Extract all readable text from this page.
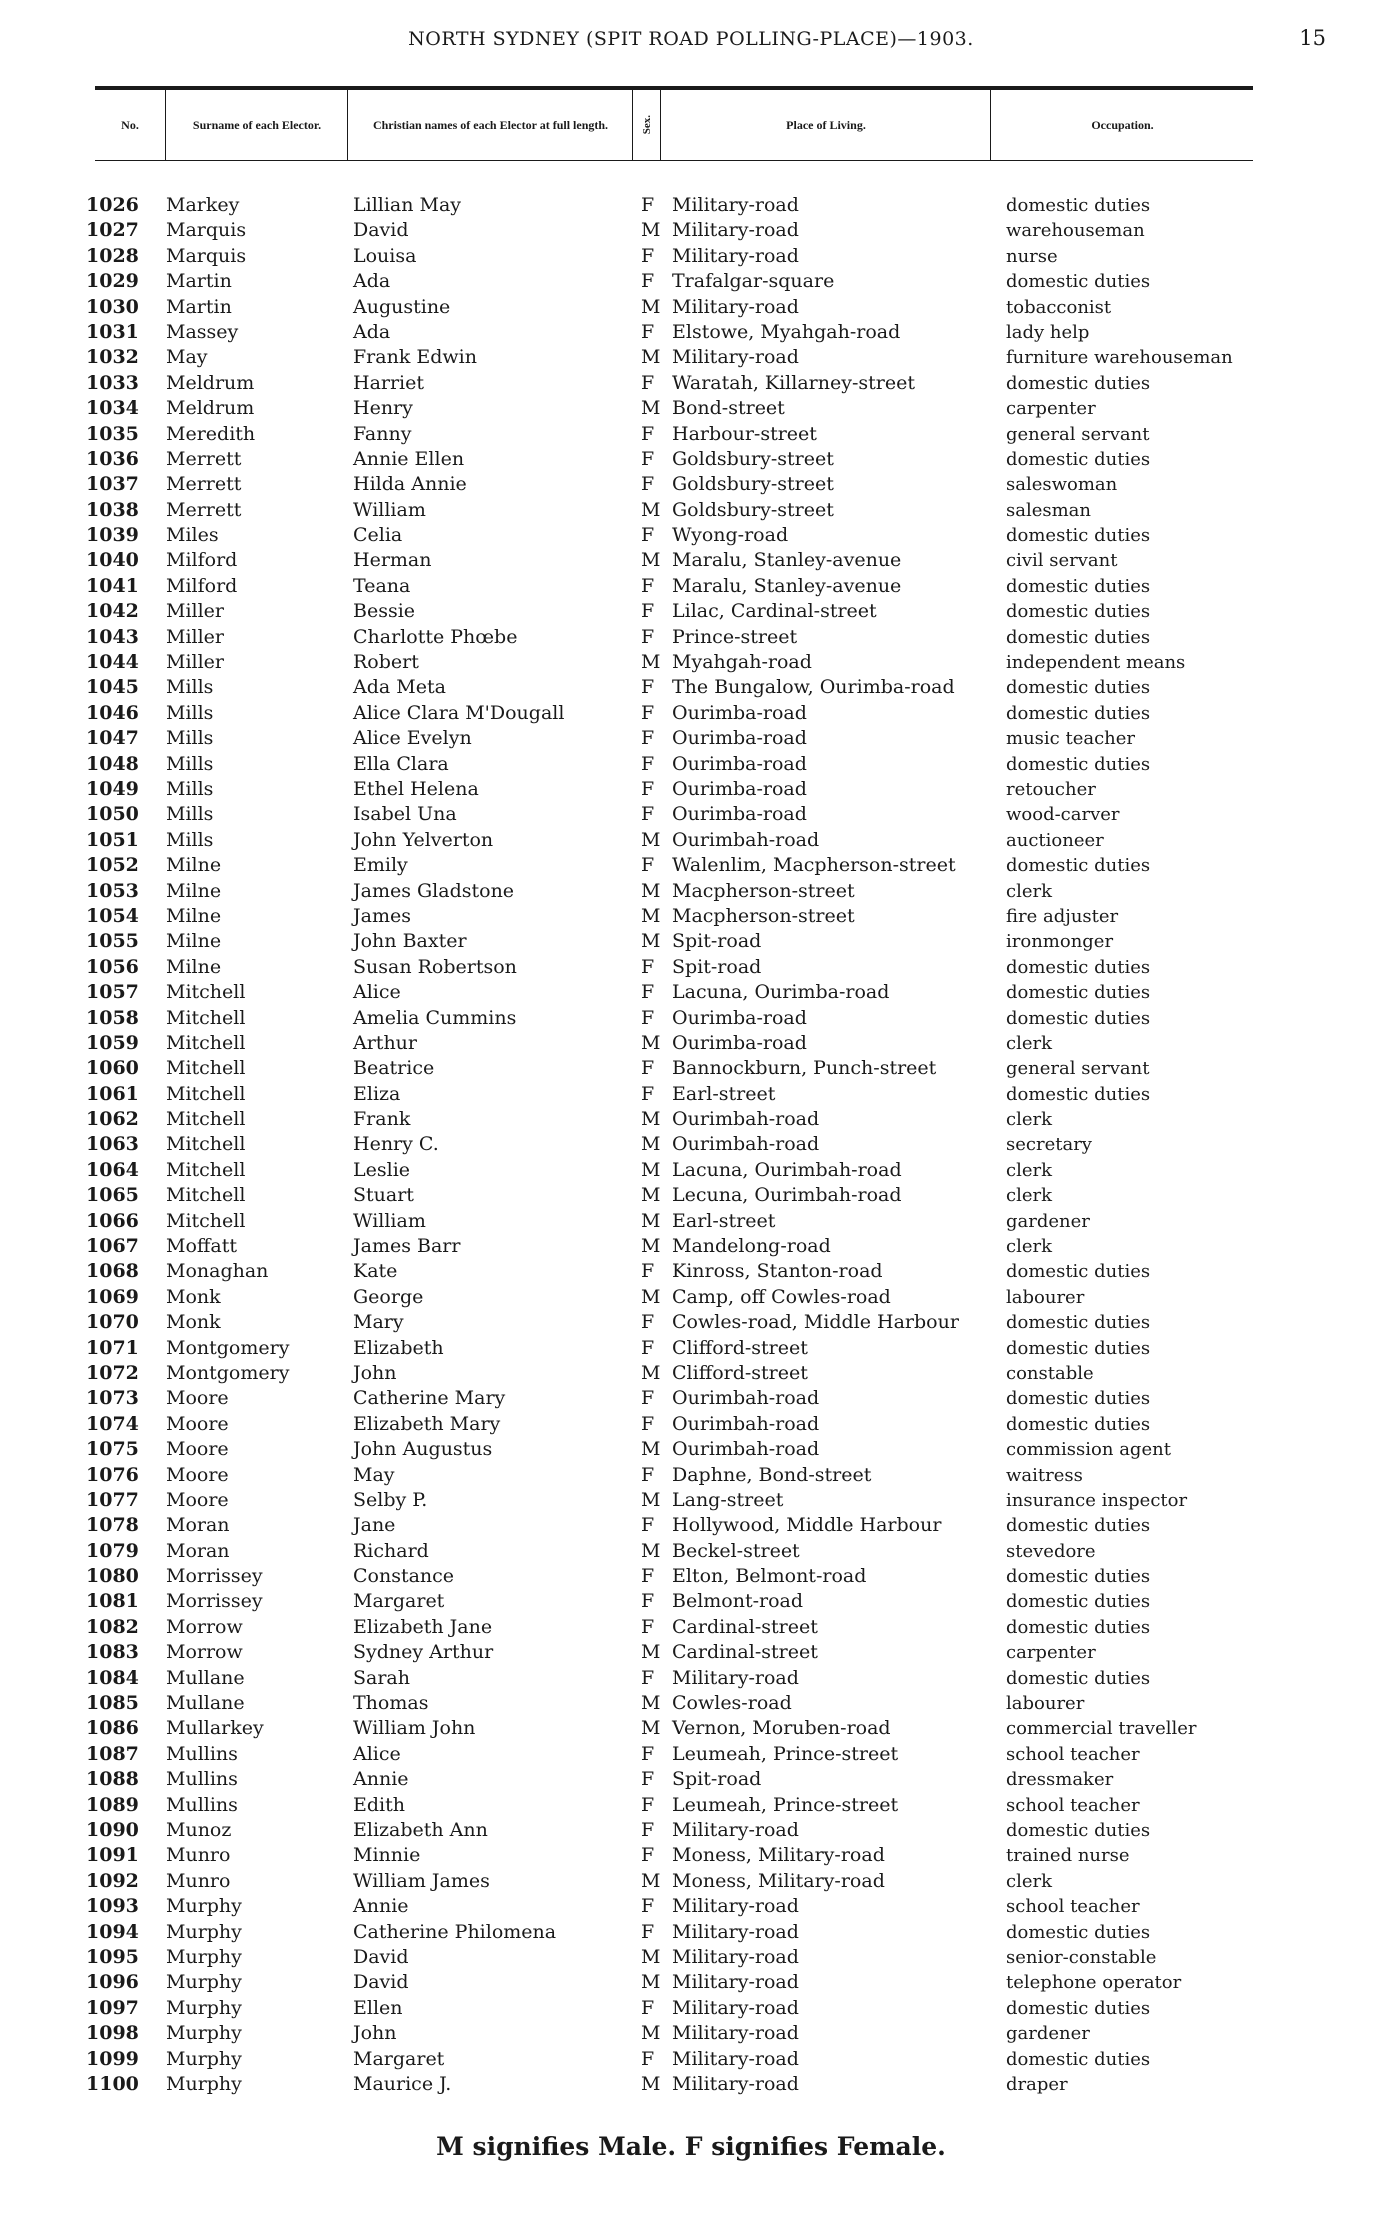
NORTH SYDNEY (SPIT ROAD POLLING-PLACE)—1903.	15
No.	Surname of each Elector.	Christian names of each Elector at full length.	Sex.	Place of Living.	Occupation.
1026 Markey	Lillian May	F Military-road	domestic duties
1027 Marquis	David	M Military-road	warehouseman
1028 Marquis	Louisa	F Military-road	nurse
1029 Martin	Ada	F Trafalgar-square	domestic duties
1030 Martin	Augustine	M Military-road	tobacconist
1031 Massey	Ada	F Elstowe, Myahgah-road	lady help
1032 May	Frank Edwin	M Military-road	furniture warehouseman
1033 Meldrum	Harriet	F Waratah, Killarney-street	domestic duties
1034 Meldrum	Henry	M Bond-street	carpenter
1035 Meredith	Fanny	F Harbour-street	general servant
1036 Merrett	Annie Ellen	F Goldsbury-street	domestic duties
1037 Merrett	Hilda Annie	F Goldsbury-street	saleswoman
1038 Merrett	William	M Goldsbury-street	salesman
1039 Miles	Celia	F Wyong-road	domestic duties
1040 Milford	Herman	M Maralu, Stanley-avenue	civil servant
1041 Milford	Teana	F Maralu, Stanley-avenue	domestic duties
1042 Miller	Bessie	F Lilac, Cardinal-street	domestic duties
1043 Miller	Charlotte Phœbe	F Prince-street	domestic duties
1044 Miller	Robert	M Myahgah-road	independent means
1045 Mills	Ada Meta	F The Bungalow, Ourimba-road	domestic duties
1046 Mills	Alice Clara M'Dougall	F Ourimba-road	domestic duties
1047 Mills	Alice Evelyn	F Ourimba-road	music teacher
1048 Mills	Ella Clara	F Ourimba-road	domestic duties
1049 Mills	Ethel Helena	F Ourimba-road	retoucher
1050 Mills	Isabel Una	F Ourimba-road	wood-carver
1051 Mills	John Yelverton	M Ourimbah-road	auctioneer
1052 Milne	Emily	F Walenlim, Macpherson-street	domestic duties
1053 Milne	James Gladstone	M Macpherson-street	clerk
1054 Milne	James	M Macpherson-street	fire adjuster
1055 Milne	John Baxter	M Spit-road	ironmonger
1056 Milne	Susan Robertson	F Spit-road	domestic duties
1057 Mitchell	Alice	F Lacuna, Ourimba-road	domestic duties
1058 Mitchell	Amelia Cummins	F Ourimba-road	domestic duties
1059 Mitchell	Arthur	M Ourimba-road	clerk
1060 Mitchell	Beatrice	F Bannockburn, Punch-street	general servant
1061 Mitchell	Eliza	F Earl-street	domestic duties
1062 Mitchell	Frank	M Ourimbah-road	clerk
1063 Mitchell	Henry C.	M Ourimbah-road	secretary
1064 Mitchell	Leslie	M Lacuna, Ourimbah-road	clerk
1065 Mitchell	Stuart	M Lecuna, Ourimbah-road	clerk
1066 Mitchell	William	M Earl-street	gardener
1067 Moffatt	James Barr	M Mandelong-road	clerk
1068 Monaghan	Kate	F Kinross, Stanton-road	domestic duties
1069 Monk	George	M Camp, off Cowles-road	labourer
1070 Monk	Mary	F Cowles-road, Middle Harbour	domestic duties
1071 Montgomery	Elizabeth	F Clifford-street	domestic duties
1072 Montgomery	John	M Clifford-street	constable
1073 Moore	Catherine Mary	F Ourimbah-road	domestic duties
1074 Moore	Elizabeth Mary	F Ourimbah-road	domestic duties
1075 Moore	John Augustus	M Ourimbah-road	commission agent
1076 Moore	May	F Daphne, Bond-street	waitress
1077 Moore	Selby P.	M Lang-street	insurance inspector
1078 Moran	Jane	F Hollywood, Middle Harbour	domestic duties
1079 Moran	Richard	M Beckel-street	stevedore
1080 Morrissey	Constance	F Elton, Belmont-road	domestic duties
1081 Morrissey	Margaret	F Belmont-road	domestic duties
1082 Morrow	Elizabeth Jane	F Cardinal-street	domestic duties
1083 Morrow	Sydney Arthur	M Cardinal-street	carpenter
1084 Mullane	Sarah	F Military-road	domestic duties
1085 Mullane	Thomas	M Cowles-road	labourer
1086 Mullarkey	William John	M Vernon, Moruben-road	commercial traveller
1087 Mullins	Alice	F Leumeah, Prince-street	school teacher
1088 Mullins	Annie	F Spit-road	dressmaker
1089 Mullins	Edith	F Leumeah, Prince-street	school teacher
1090 Munoz	Elizabeth Ann	F Military-road	domestic duties
1091 Munro	Minnie	F Moness, Military-road	trained nurse
1092 Munro	William James	M Moness, Military-road	clerk
1093 Murphy	Annie	F Military-road	school teacher
1094 Murphy	Catherine Philomena	F Military-road	domestic duties
1095 Murphy	David	M Military-road	senior-constable
1096 Murphy	David	M Military-road	telephone operator
1097 Murphy	Ellen	F Military-road	domestic duties
1098 Murphy	John	M Military-road	gardener
1099 Murphy	Margaret	F Military-road	domestic duties
1100 Murphy	Maurice J.	M Military-road	draper
M signifies Male. F signifies Female.
